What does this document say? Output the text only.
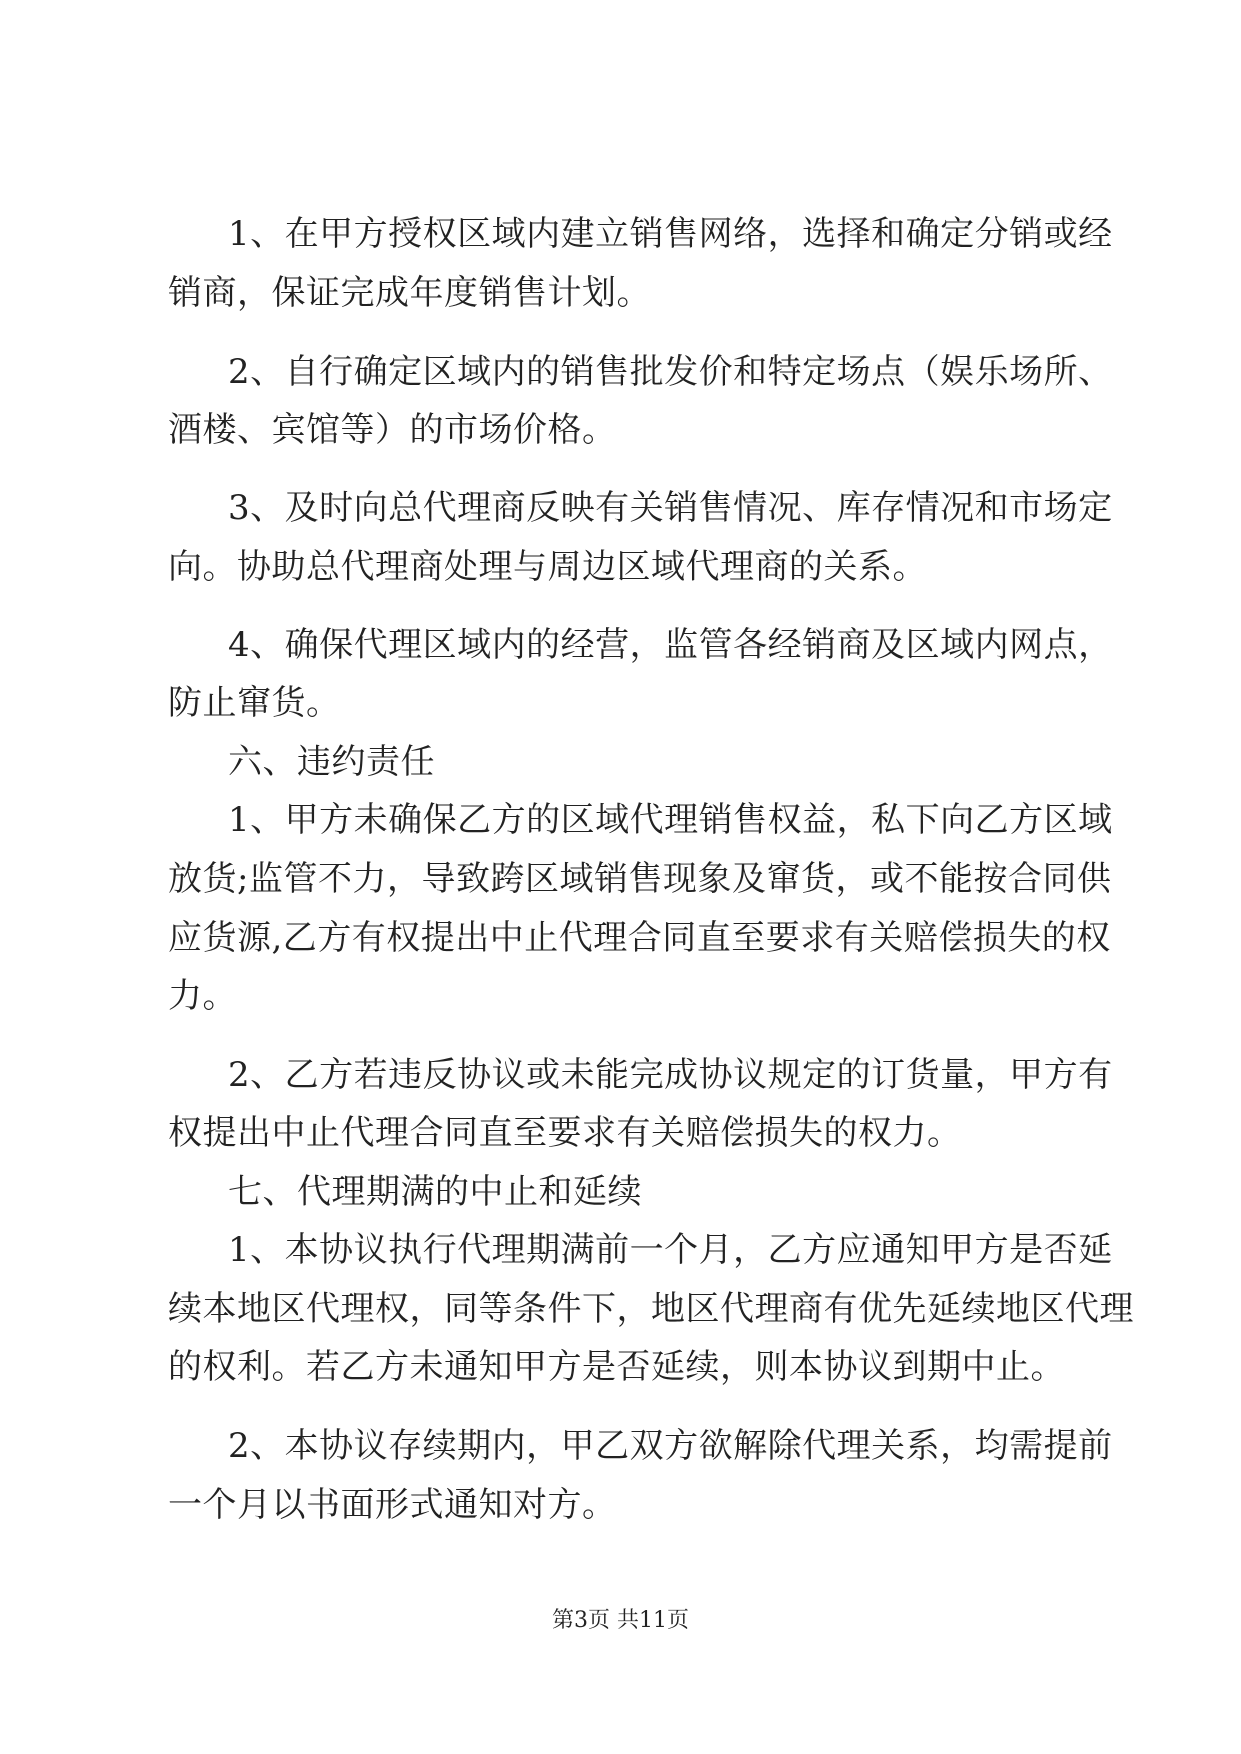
1、在甲方授权区域内建立销售网络，选择和确定分销或经
销商，保证完成年度销售计划。
2、自行确定区域内的销售批发价和特定场点（娱乐场所、
酒楼、宾馆等）的市场价格。
3、及时向总代理商反映有关销售情况、库存情况和市场定
向。协助总代理商处理与周边区域代理商的关系。
4、确保代理区域内的经营，监管各经销商及区域内网点，
防止窜货。
六、违约责任
1、甲方未确保乙方的区域代理销售权益，私下向乙方区域
放货;监管不力，导致跨区域销售现象及窜货，或不能按合同供
应货源,乙方有权提出中止代理合同直至要求有关赔偿损失的权
力。
2、乙方若违反协议或未能完成协议规定的订货量，甲方有
权提出中止代理合同直至要求有关赔偿损失的权力。
七、代理期满的中止和延续
1、本协议执行代理期满前一个月，乙方应通知甲方是否延
续本地区代理权，同等条件下，地区代理商有优先延续地区代理
的权利。若乙方未通知甲方是否延续，则本协议到期中止。
2、本协议存续期内，甲乙双方欲解除代理关系，均需提前
一个月以书面形式通知对方。
第3页 共11页
